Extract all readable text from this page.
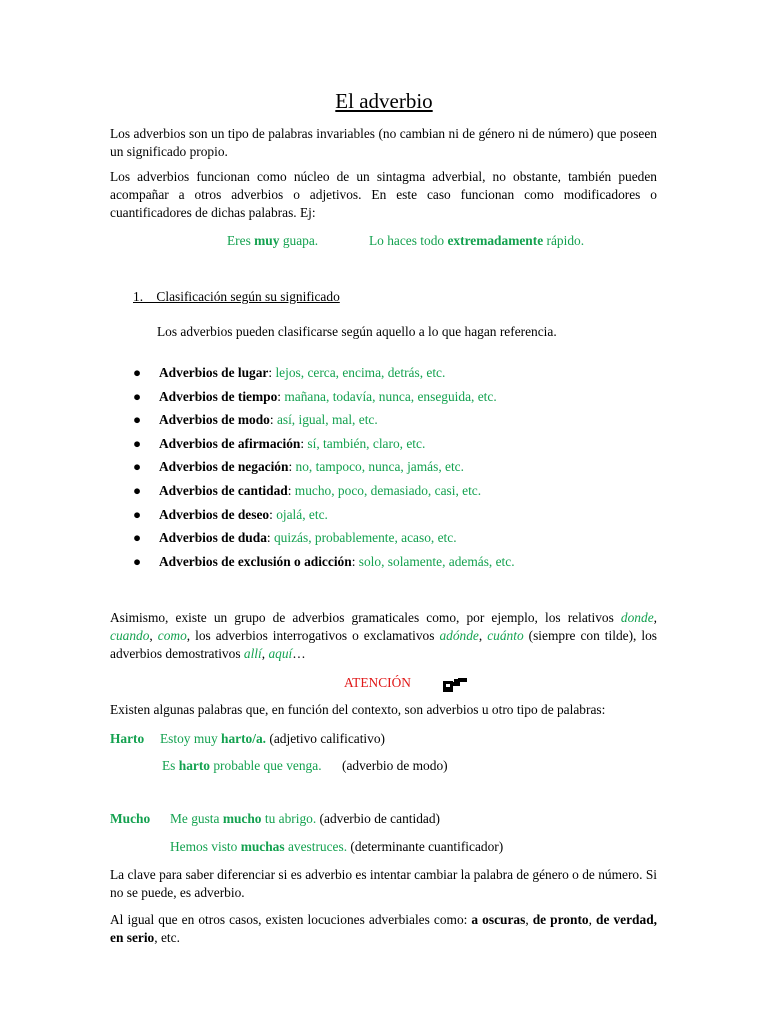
El adverbio

Los adverbios son un tipo de palabras invariables (no cambian ni de género ni de número) que poseen un significado propio.

Los adverbios funcionan como núcleo de un sintagma adverbial, no obstante, también pueden acompañar a otros adverbios o adjetivos. En este caso funcionan como modificadores o cuantificadores de dichas palabras. Ej:

Eres muy guapa.	Lo haces todo extremadamente rápido.
1.    Clasificación según su significado
Los adverbios pueden clasificarse según aquello a lo que hagan referencia.
● Adverbios de lugar: lejos, cerca, encima, detrás, etc.
● Adverbios de tiempo: mañana, todavía, nunca, enseguida, etc.
● Adverbios de modo: así, igual, mal, etc.
● Adverbios de afirmación: sí, también, claro, etc.
● Adverbios de negación: no, tampoco, nunca, jamás, etc.
● Adverbios de cantidad: mucho, poco, demasiado, casi, etc.
● Adverbios de deseo: ojalá, etc.
● Adverbios de duda: quizás, probablemente, acaso, etc.
● Adverbios de exclusión o adicción: solo, solamente, además, etc.

Asimismo, existe un grupo de adverbios gramaticales como, por ejemplo, los relativos donde, cuando, como, los adverbios interrogativos o exclamativos adónde, cuánto (siempre con tilde), los adverbios demostrativos allí, aquí…

ATENCIÓN
Existen algunas palabras que, en función del contexto, son adverbios u otro tipo de palabras:
Harto Estoy muy harto/a. (adjetivo calificativo)
Es harto probable que venga. (adverbio de modo)
Mucho Me gusta mucho tu abrigo. (adverbio de cantidad)
Hemos visto muchas avestruces. (determinante cuantificador)

La clave para saber diferenciar si es adverbio es intentar cambiar la palabra de género o de número. Si no se puede, es adverbio.

Al igual que en otros casos, existen locuciones adverbiales como: a oscuras, de pronto, de verdad, en serio, etc.
